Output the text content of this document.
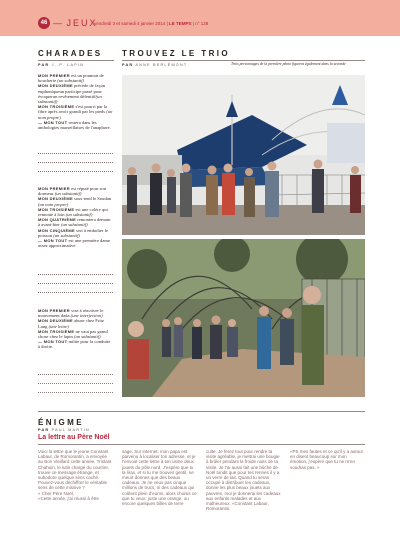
46 — JEUX
vendredi 3 et samedi 4 janvier 2014 | LE TEMPS | n° 128
CHARADES
PAR J.-P. LAPIN
TROUVEZ LE TRIO
PAR ANNE BERLÉMONT	Trois personnages de la première photo figurent également dans la seconde

MON PREMIER est un poumon de boucherie (un substantif)
MON DEUXIÈME précède de façon euphoniqueun participe passé pour évoquerun revêtement défenitif(un substantif)
MON TROISIÈME s'est pourri par la fibre après avoir grandi par les pieds (un nom propre)
— MON TOUT restera dans les anthologies marseillaises de l'anaphore.

MON PREMIER est réputé pour son dormeur (un substantif)
MON DEUXIÈME sous-tend le Soudan (un nom propre)
MON TROISIÈME est une colère qui remonte à loin (un substantif)
MON QUATRIÈME remontera demain à avant-hier (un substantif)
MON CINQUIÈME sert à emboîter le poisson (un substantif)
— MON TOUT est une première dame assez approximative.

MON PREMIER vise à réactiver le mouvement dada (une interjection)
MON DEUXIÈME abuse chez Fritz Lang (une lettre)
MON TROISIÈME ne vaut pas grand chose chez le lapin (un substantif)
— MON TOUT milite pour la conduite à droite.

ÉNIGME
PAR PAUL MARTIN
La lettre au Père Noël

Voici la lettre que le jeune Constant Labaur, de Romorantin, a envoyée au Bon Vieillard cette année. Tristant Chahuin, le lutin chargé du courrier, trouve ce message étrange, et subodore quelque sens caché.

Pouvez-vous déchiffrer le véritable sens de cette missive ?

« Cher Père Noël,

«Cette année, j'ai réussi à être

sage. Sur internet, mon papa est parvenu à localiser ton adresse, et je t'envoie cette lettre à ton usine deux jouets du pôle nord. J'espère que tu la liras, et si tu me trouves gentil, ne meurt donnes que des beaux cadeaux. Je ne veux pas cinque millions de trucs, ni des cadeaux qui coûtent plein d'euros, alors choisis ce que tu veux: juste une orange, ou encore quelques billes de terre

cuite. Je ferez tout pour rendre ta visite agréable, je mettrai une bougie à brûler pendant la froide nuits de ta visite. Je t'ai aussi fait une bûche de Noël tondit que pour tes rennes il y a un verre de lait. Quand tu seras occupé à distribuer les cadeaux, donne les plus beaux jouets aux pauvres, moi je donnerai les cadeaux aux enfants malades et aux malheureux. «Constant Labaur, Romorantin.

«PS mes fautes et ce qu'il y a autour en disent beaucoup sur mon émotion, j'espère que tu ne m'en voudras pas. »
